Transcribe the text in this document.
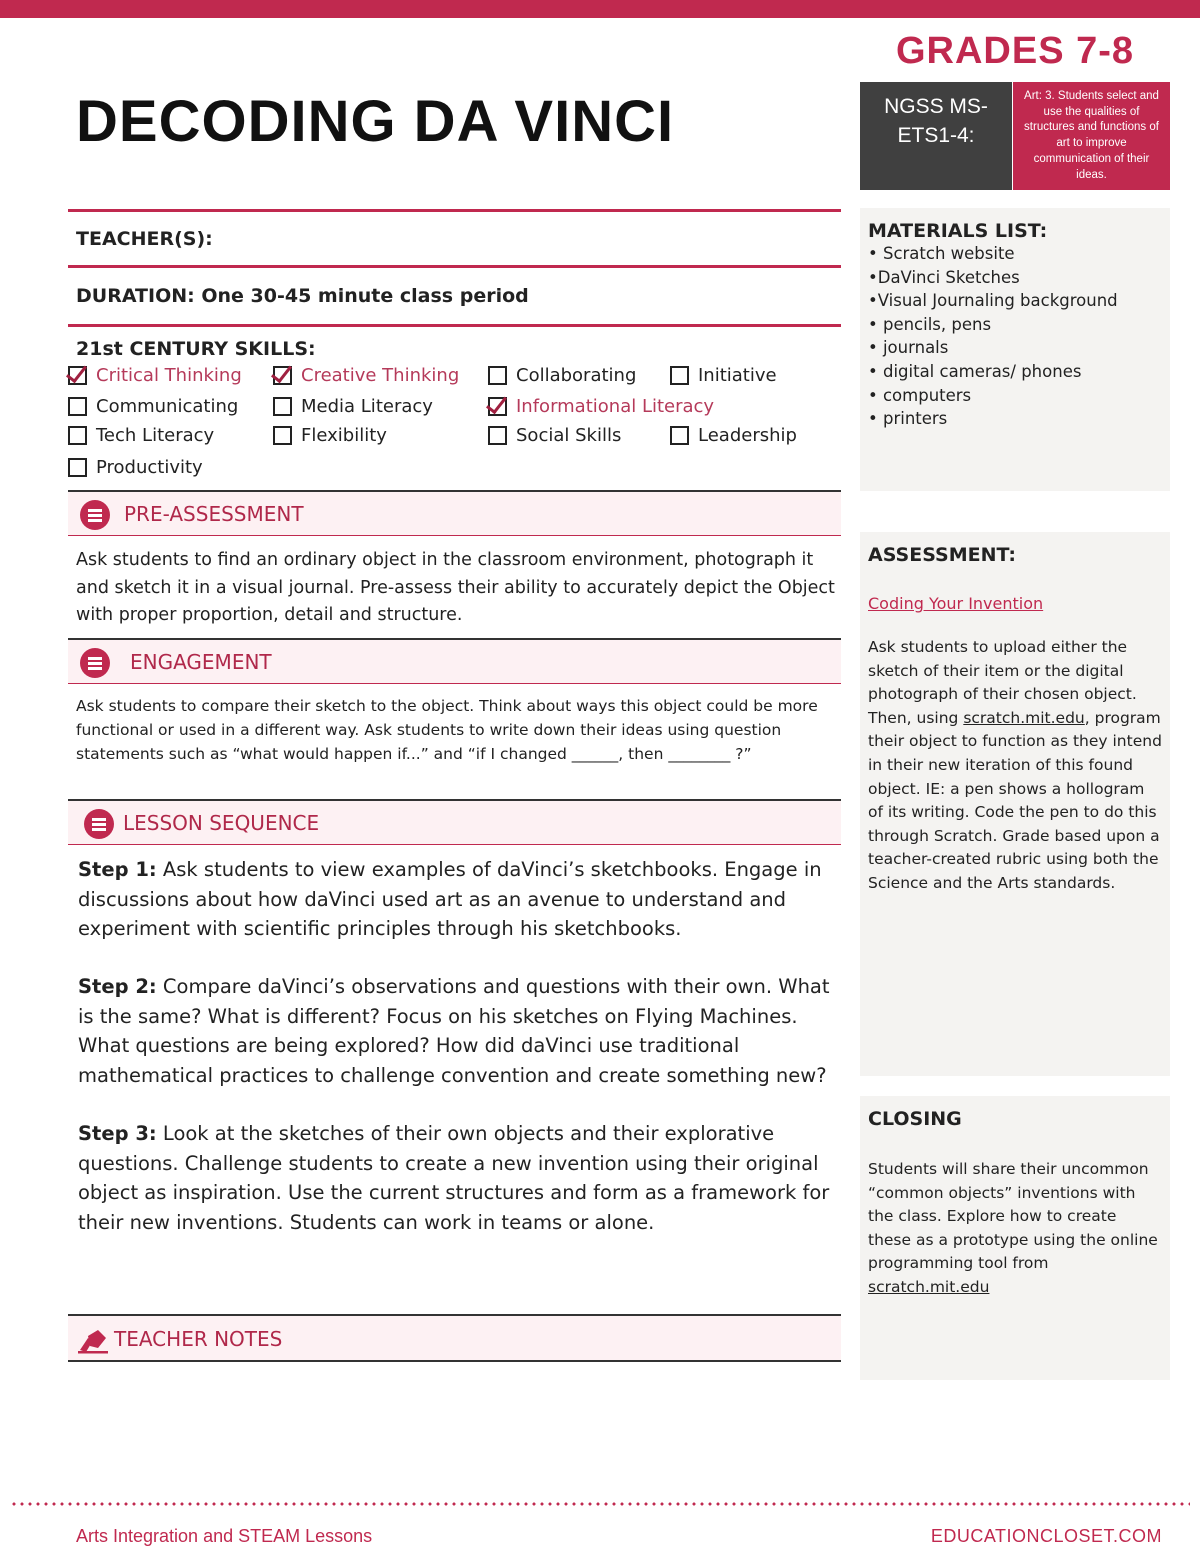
GRADES 7-8
DECODING DA VINCI	NGSS MS-
ETS1-4:
Art: 3. Students select and use the qualities of structures and functions of art to improve communication of their ideas.
TEACHER(S):
DURATION: One 30-45 minute class period
21st CENTURY SKILLS:
Critical Thinking	Creative Thinking	Collaborating	Initiative
Communicating	Media Literacy	Informational Literacy
Tech Literacy	Flexibility	Social Skills	Leadership
Productivity
PRE-ASSESSMENT
Ask students to find an ordinary object in the classroom environment, photograph it and sketch it in a visual journal. Pre-assess their ability to accurately depict the Object with proper proportion, detail and structure.
ENGAGEMENT
Ask students to compare their sketch to the object. Think about ways this object could be more functional or used in a different way. Ask students to write down their ideas using question statements such as “what would happen if...” and “if I changed ______, then ________ ?”
LESSON SEQUENCE
Step 1: Ask students to view examples of daVinci’s sketchbooks. Engage in discussions about how daVinci used art as an avenue to understand and experiment with scientific principles through his sketchbooks.
Step 2: Compare daVinci’s observations and questions with their own. What is the same? What is different? Focus on his sketches on Flying Machines. What questions are being explored? How did daVinci use traditional mathematical practices to challenge convention and create something new?
Step 3: Look at the sketches of their own objects and their explorative questions. Challenge students to create a new invention using their original object as inspiration. Use the current structures and form as a framework for their new inventions. Students can work in teams or alone.
TEACHER NOTES
MATERIALS LIST:
• Scratch website
•DaVinci Sketches
•Visual Journaling background
• pencils, pens
• journals
• digital cameras/ phones
• computers
• printers
ASSESSMENT:
Coding Your Invention
Ask students to upload either the sketch of their item or the digital photograph of their chosen object. Then, using scratch.mit.edu, program their object to function as they intend in their new iteration of this found object. IE: a pen shows a hollogram of its writing. Code the pen to do this through Scratch. Grade based upon a teacher-created rubric using both the Science and the Arts standards.
CLOSING
Students will share their uncommon “common objects” inventions with the class. Explore how to create these as a prototype using the online programming tool from scratch.mit.edu
Arts Integration and STEAM Lessons	EDUCATIONCLOSET.COM
